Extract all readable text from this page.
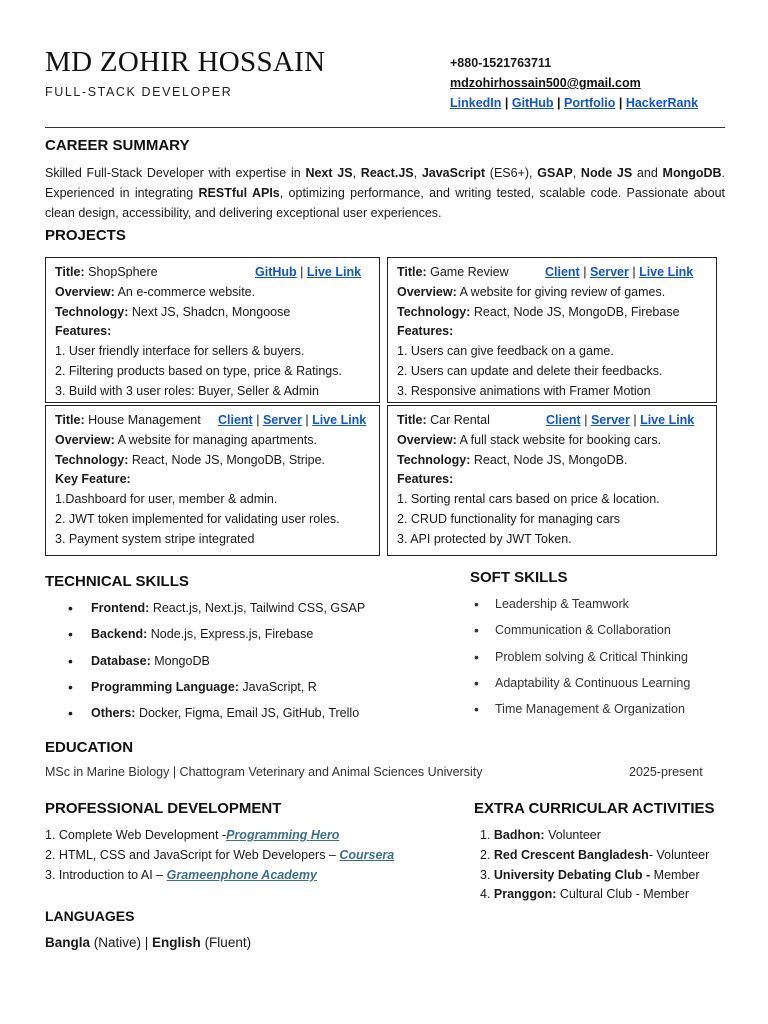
MD ZOHIR HOSSAIN
FULL-STACK DEVELOPER
+880-1521763711
mdzohirhossain500@gmail.com
LinkedIn | GitHub | Portfolio | HackerRank
CAREER SUMMARY
Skilled Full-Stack Developer with expertise in Next JS, React.JS, JavaScript (ES6+), GSAP, Node JS and MongoDB. Experienced in integrating RESTful APIs, optimizing performance, and writing tested, scalable code. Passionate about clean design, accessibility, and delivering exceptional user experiences.
PROJECTS
Title: ShopSphere	GitHub | Live Link
Overview: An e-commerce website.
Technology: Next JS, Shadcn, Mongoose
Features:
1. User friendly interface for sellers & buyers.
2. Filtering products based on type, price & Ratings.
3. Build with 3 user roles: Buyer, Seller & Admin
Title: Game Review	Client | Server | Live Link
Overview: A website for giving review of games.
Technology: React, Node JS, MongoDB, Firebase
Features:
1. Users can give feedback on a game.
2. Users can update and delete their feedbacks.
3. Responsive animations with Framer Motion
Title: House Management Client | Server | Live Link
Overview: A website for managing apartments.
Technology: React, Node JS, MongoDB, Stripe.
Key Feature:
1.Dashboard for user, member & admin.
2. JWT token implemented for validating user roles.
3. Payment system stripe integrated
Title: Car Rental	Client | Server | Live Link
Overview: A full stack website for booking cars.
Technology: React, Node JS, MongoDB.
Features:
1. Sorting rental cars based on price & location.
2. CRUD functionality for managing cars
3. API protected by JWT Token.
TECHNICAL SKILLS
• Frontend: React.js, Next.js, Tailwind CSS, GSAP
• Backend: Node.js, Express.js, Firebase
• Database: MongoDB
• Programming Language: JavaScript, R
• Others: Docker, Figma, Email JS, GitHub, Trello
SOFT SKILLS
• Leadership & Teamwork
• Communication & Collaboration
• Problem solving & Critical Thinking
• Adaptability & Continuous Learning
• Time Management & Organization
EDUCATION
MSc in Marine Biology | Chattogram Veterinary and Animal Sciences University	2025-present
PROFESSIONAL DEVELOPMENT
1. Complete Web Development -Programming Hero
2. HTML, CSS and JavaScript for Web Developers – Coursera
3. Introduction to AI – Grameenphone Academy
EXTRA CURRICULAR ACTIVITIES
1. Badhon: Volunteer
2. Red Crescent Bangladesh- Volunteer
3. University Debating Club - Member
4. Pranggon: Cultural Club - Member
LANGUAGES
Bangla (Native) | English (Fluent)
